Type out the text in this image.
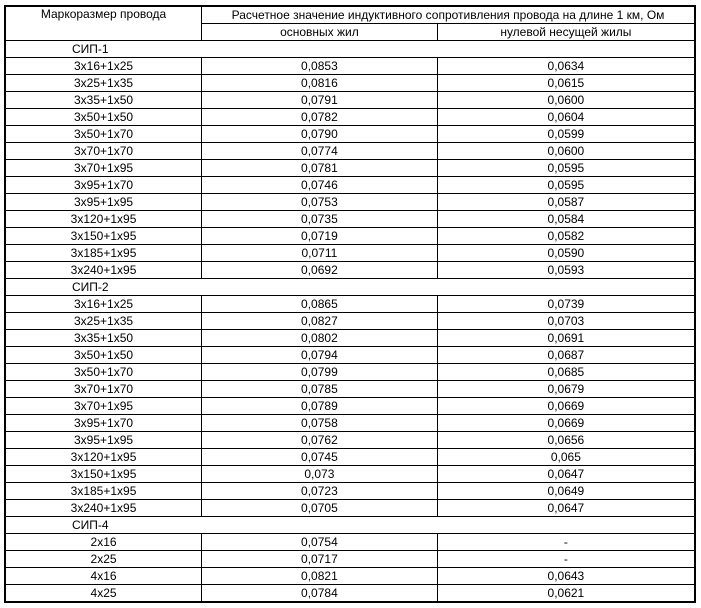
Маркоразмер провода	Расчетное значение индуктивного сопротивления провода на длине 1 км, Ом	
	основных жил	нулевой несущей жилы
СИП-1		
3х16+1х25	0,0853	0,0634
3х25+1х35	0,0816	0,0615
3х35+1х50	0,0791	0,0600
3х50+1х50	0,0782	0,0604
3х50+1х70	0,0790	0,0599
3х70+1х70	0,0774	0,0600
3х70+1х95	0,0781	0,0595
3х95+1х70	0,0746	0,0595
3х95+1х95	0,0753	0,0587
3х120+1х95	0,0735	0,0584
3х150+1х95	0,0719	0,0582
3х185+1х95	0,0711	0,0590
3х240+1х95	0,0692	0,0593
СИП-2		
3х16+1х25	0,0865	0,0739
3х25+1х35	0,0827	0,0703
3х35+1х50	0,0802	0,0691
3х50+1х50	0,0794	0,0687
3х50+1х70	0,0799	0,0685
3х70+1х70	0,0785	0,0679
3х70+1х95	0,0789	0,0669
3х95+1х70	0,0758	0,0669
3х95+1х95	0,0762	0,0656
3х120+1х95	0,0745	0,065
3х150+1х95	0,073	0,0647
3х185+1х95	0,0723	0,0649
3х240+1х95	0,0705	0,0647
СИП-4		
2х16	0,0754	-
2х25	0,0717	-
4х16	0,0821	0,0643
4х25	0,0784	0,0621
